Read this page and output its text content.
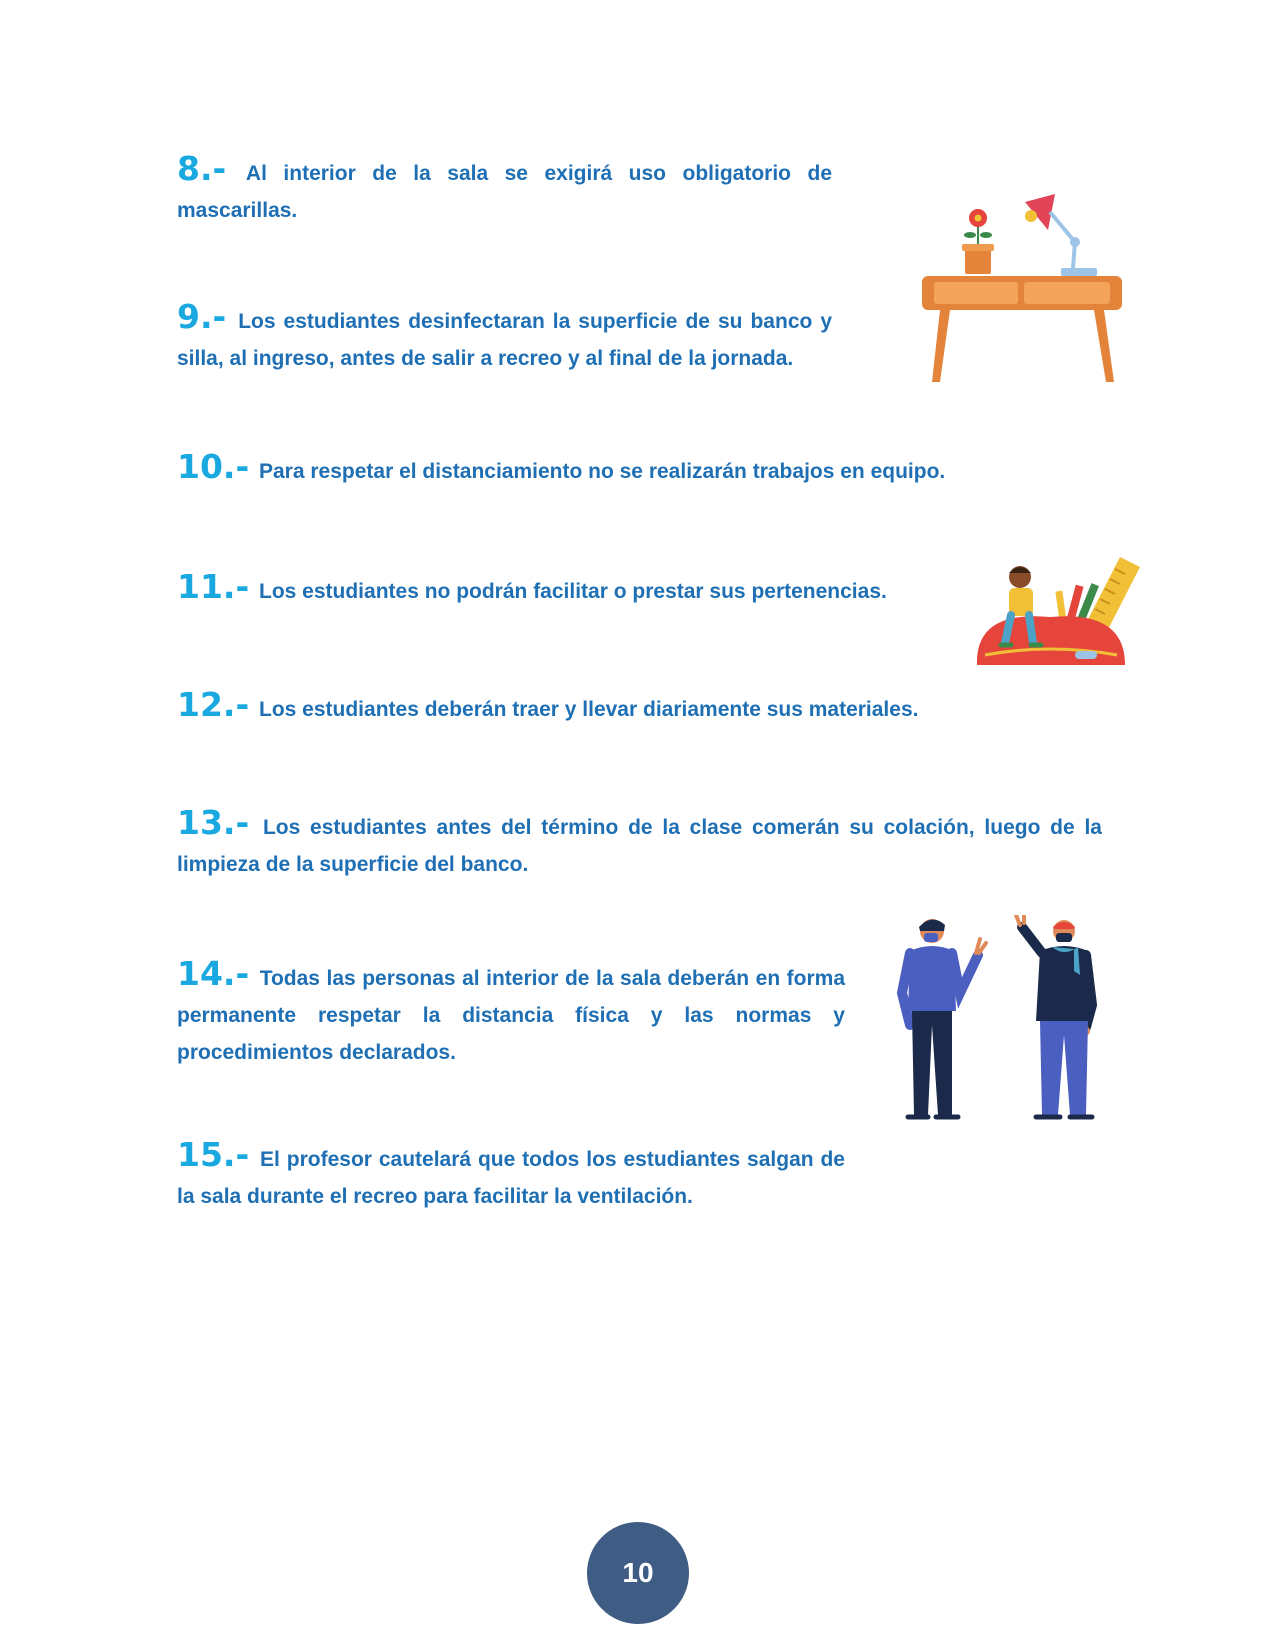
8.- Al interior de la sala se exigirá uso obligatorio de mascarillas.
9.- Los estudiantes desinfectaran la superficie de su banco y silla, al ingreso, antes de salir a recreo y al final de la jornada.
10.- Para respetar el distanciamiento no se realizarán trabajos en equipo.
11.- Los estudiantes no podrán facilitar o prestar sus pertenencias.
12.- Los estudiantes deberán traer y llevar diariamente sus materiales.
13.- Los estudiantes antes del término de la clase comerán su colación, luego de la limpieza de la superficie del banco.
14.- Todas las personas al interior de la sala deberán en forma permanente respetar la distancia física y las normas y procedimientos declarados.
15.- El profesor cautelará que todos los estudiantes salgan de la sala durante el recreo para facilitar la ventilación.
10
